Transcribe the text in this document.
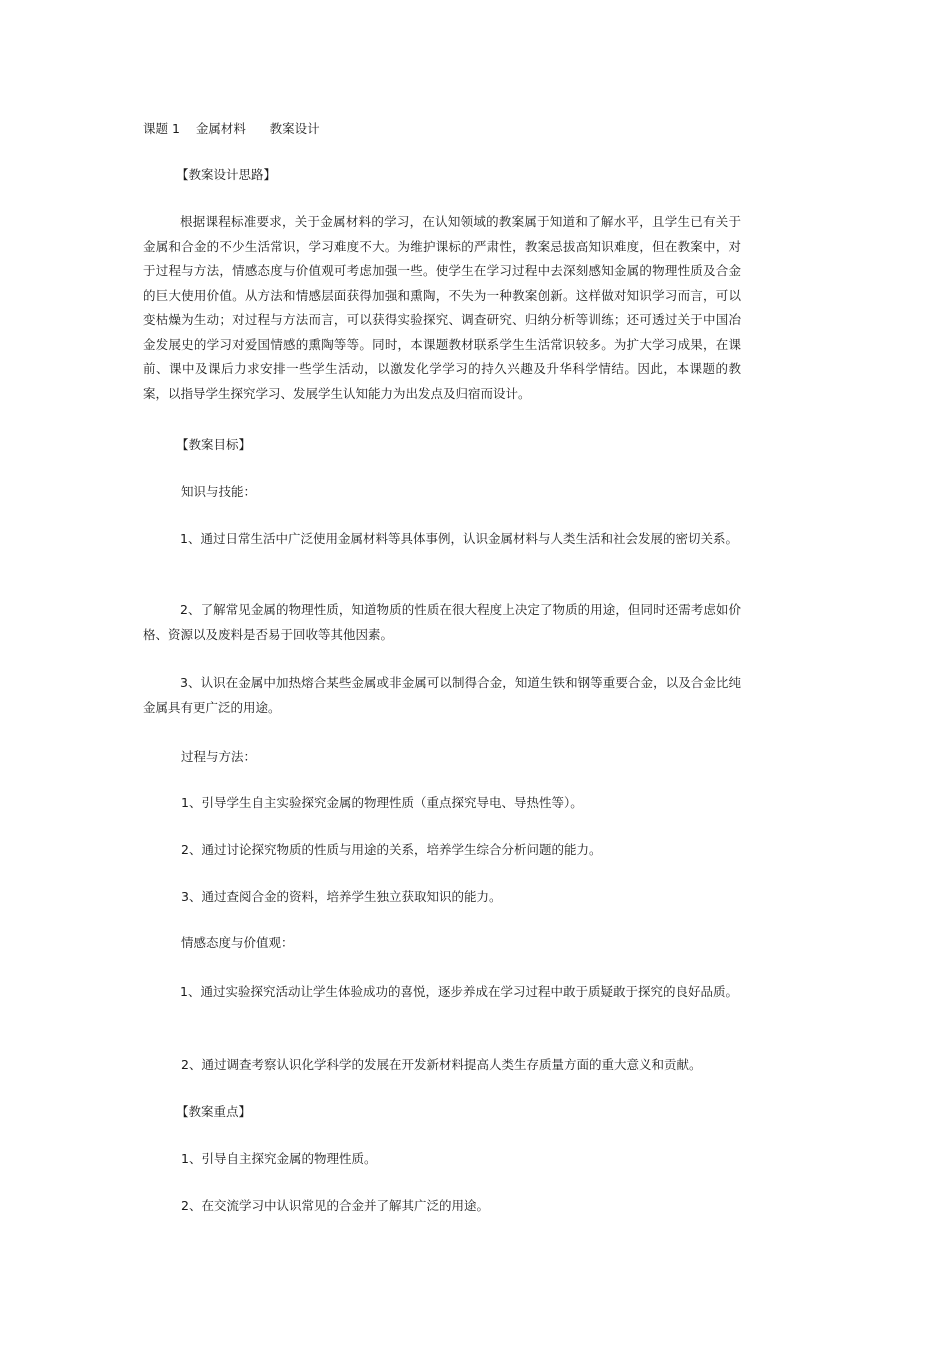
课题 1    金属材料      教案设计
【教案设计思路】
根据课程标准要求，关于金属材料的学习，在认知领域的教案属于知道和了解水平，且学生已有关于金属和合金的不少生活常识，学习难度不大。为维护课标的严肃性，教案忌拔高知识难度，但在教案中，对于过程与方法，情感态度与价值观可考虑加强一些。使学生在学习过程中去深刻感知金属的物理性质及合金的巨大使用价值。从方法和情感层面获得加强和熏陶，不失为一种教案创新。这样做对知识学习而言，可以变枯燥为生动；对过程与方法而言，可以获得实验探究、调查研究、归纳分析等训练；还可透过关于中国冶金发展史的学习对爱国情感的熏陶等等。同时，本课题教材联系学生生活常识较多。为扩大学习成果，在课前、课中及课后力求安排一些学生活动，以激发化学学习的持久兴趣及升华科学情结。因此，本课题的教案，以指导学生探究学习、发展学生认知能力为出发点及归宿而设计。
【教案目标】
知识与技能：
1、通过日常生活中广泛使用金属材料等具体事例，认识金属材料与人类生活和社会发展的密切关系。
2、了解常见金属的物理性质，知道物质的性质在很大程度上决定了物质的用途，但同时还需考虑如价格、资源以及废料是否易于回收等其他因素。
3、认识在金属中加热熔合某些金属或非金属可以制得合金，知道生铁和钢等重要合金，以及合金比纯金属具有更广泛的用途。
过程与方法：
1、引导学生自主实验探究金属的物理性质（重点探究导电、导热性等）。
2、通过讨论探究物质的性质与用途的关系，培养学生综合分析问题的能力。
3、通过查阅合金的资料，培养学生独立获取知识的能力。
情感态度与价值观：
1、通过实验探究活动让学生体验成功的喜悦，逐步养成在学习过程中敢于质疑敢于探究的良好品质。
2、通过调查考察认识化学科学的发展在开发新材料提高人类生存质量方面的重大意义和贡献。
【教案重点】
1、引导自主探究金属的物理性质。
2、在交流学习中认识常见的合金并了解其广泛的用途。
